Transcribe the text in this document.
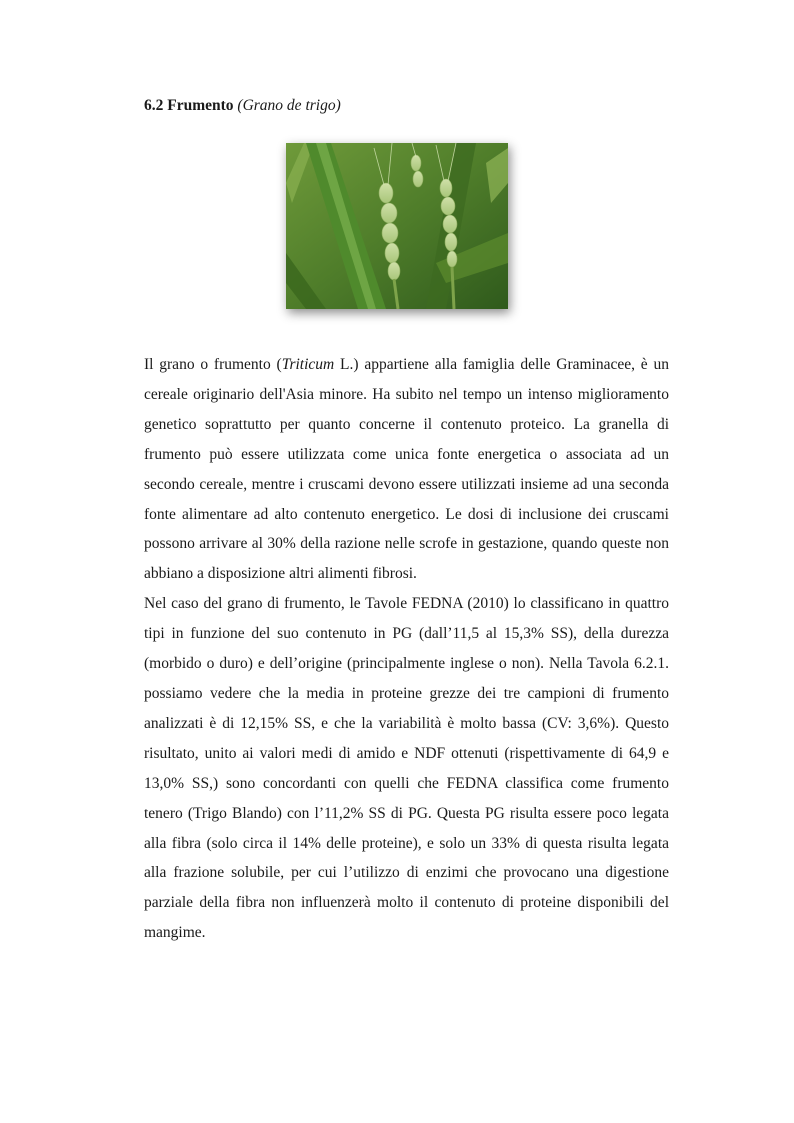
6.2 Frumento (Grano de trigo)

Il grano o frumento (Triticum L.) appartiene alla famiglia delle Graminacee, è un cereale originario dell'Asia minore. Ha subito nel tempo un intenso miglioramento genetico soprattutto per quanto concerne il contenuto proteico. La granella di frumento può essere utilizzata come unica fonte energetica o associata ad un secondo cereale, mentre i cruscami devono essere utilizzati insieme ad una seconda fonte alimentare ad alto contenuto energetico. Le dosi di inclusione dei cruscami possono arrivare al 30% della razione nelle scrofe in gestazione, quando queste non abbiano a disposizione altri alimenti fibrosi.

Nel caso del grano di frumento, le Tavole FEDNA (2010) lo classificano in quattro tipi in funzione del suo contenuto in PG (dall’11,5 al 15,3% SS), della durezza (morbido o duro) e dell’origine (principalmente inglese o non). Nella Tavola 6.2.1. possiamo vedere che la media in proteine grezze dei tre campioni di frumento analizzati è di 12,15% SS, e che la variabilità è molto bassa (CV: 3,6%). Questo risultato, unito ai valori medi di amido e NDF ottenuti (rispettivamente di 64,9 e 13,0% SS,) sono concordanti con quelli che FEDNA classifica come frumento tenero (Trigo Blando) con l’11,2% SS di PG. Questa PG risulta essere poco legata alla fibra (solo circa il 14% delle proteine), e solo un 33% di questa risulta legata alla frazione solubile, per cui l’utilizzo di enzimi che provocano una digestione parziale della fibra non influenzerà molto il contenuto di proteine disponibili del mangime.
